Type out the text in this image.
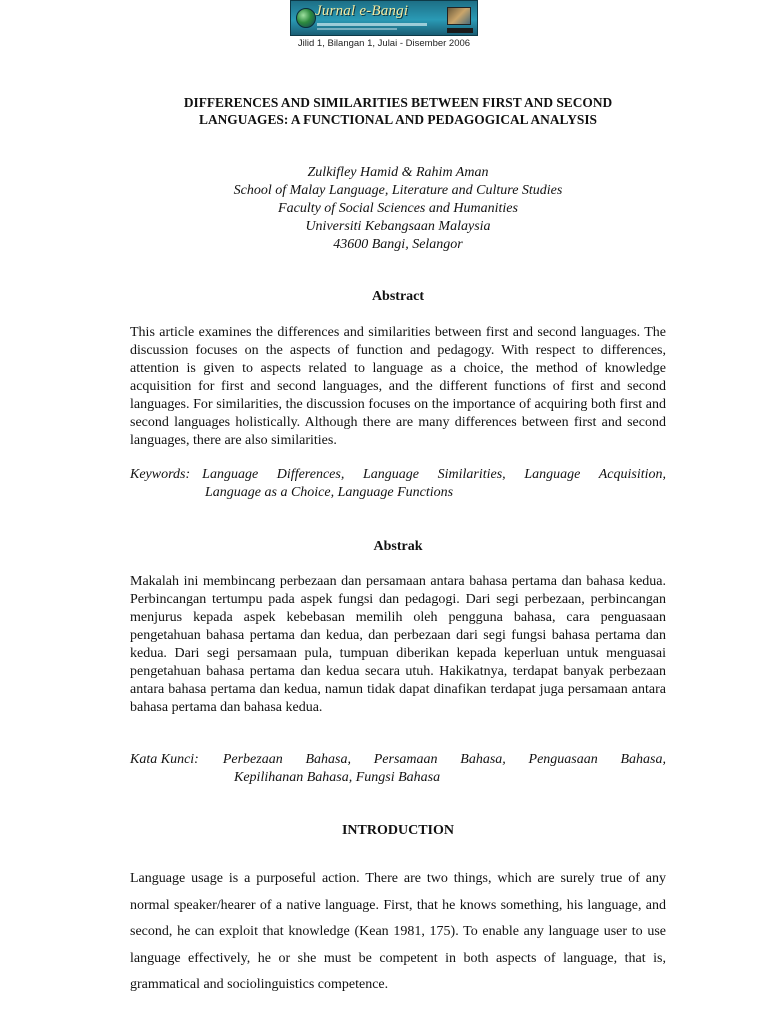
Jurnal e-Bangi
Jilid 1, Bilangan 1, Julai - Disember 2006
DIFFERENCES AND SIMILARITIES BETWEEN FIRST AND SECOND
LANGUAGES: A FUNCTIONAL AND PEDAGOGICAL ANALYSIS
Zulkifley Hamid & Rahim Aman
School of Malay Language, Literature and Culture Studies
Faculty of Social Sciences and Humanities
Universiti Kebangsaan Malaysia
43600 Bangi, Selangor
Abstract
This article examines the differences and similarities between first and second languages. The discussion focuses on the aspects of function and pedagogy. With respect to differences, attention is given to aspects related to language as a choice, the method of knowledge acquisition for first and second languages, and the different functions of first and second languages. For similarities, the discussion focuses on the importance of acquiring both first and second languages holistically. Although there are many differences between first and second languages, there are also similarities.
Keywords: Language Differences, Language Similarities, Language Acquisition,
Language as a Choice, Language Functions
Abstrak
Makalah ini membincang perbezaan dan persamaan antara bahasa pertama dan bahasa kedua. Perbincangan tertumpu pada aspek fungsi dan pedagogi. Dari segi perbezaan, perbincangan menjurus kepada aspek kebebasan memilih oleh pengguna bahasa, cara penguasaan pengetahuan bahasa pertama dan kedua, dan perbezaan dari segi fungsi bahasa pertama dan kedua. Dari segi persamaan pula, tumpuan diberikan kepada keperluan untuk menguasai pengetahuan bahasa pertama dan kedua secara utuh. Hakikatnya, terdapat banyak perbezaan antara bahasa pertama dan kedua, namun tidak dapat dinafikan terdapat juga persamaan antara bahasa pertama dan bahasa kedua.
Kata Kunci:	Perbezaan Bahasa, Persamaan Bahasa, Penguasaan Bahasa,
Kepilihanan Bahasa, Fungsi Bahasa
INTRODUCTION
Language usage is a purposeful action. There are two things, which are surely true of any normal speaker/hearer of a native language. First, that he knows something, his language, and second, he can exploit that knowledge (Kean 1981, 175). To enable any language user to use language effectively, he or she must be competent in both aspects of language, that is, grammatical and sociolinguistics competence.
